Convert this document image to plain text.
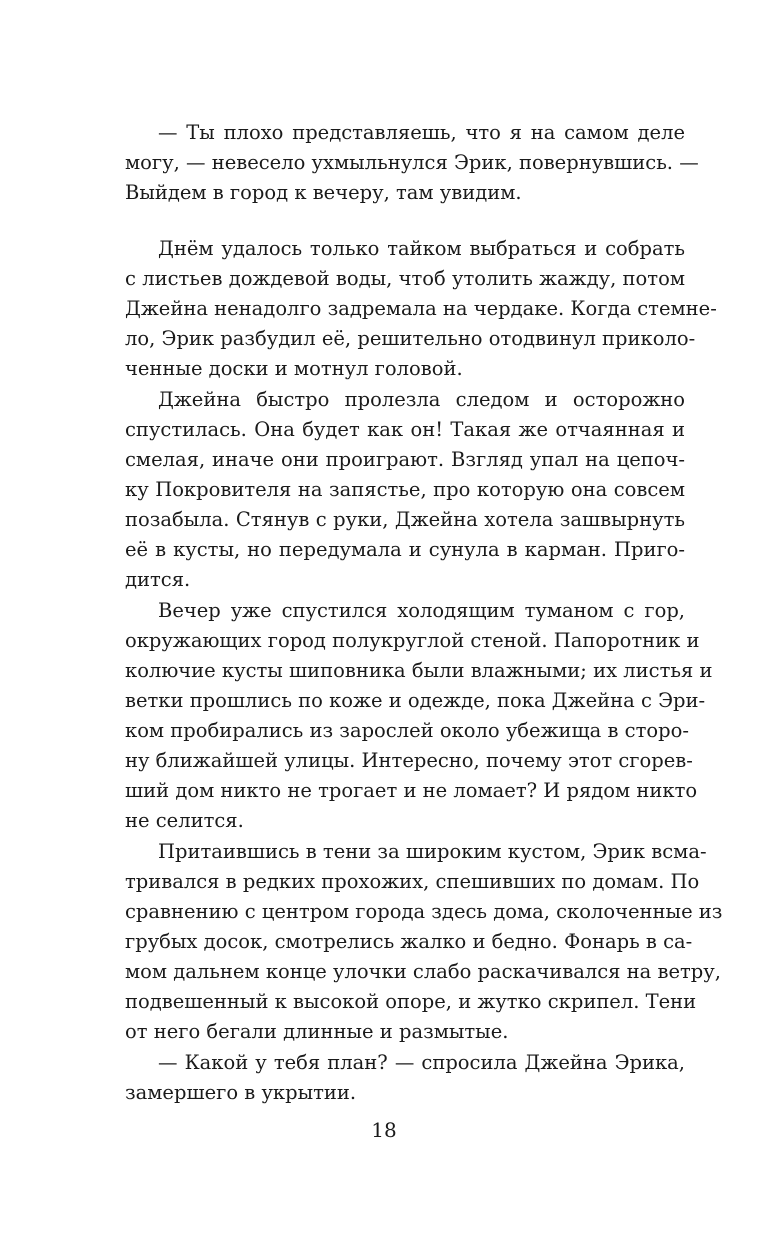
— Ты плохо представляешь, что я на самом деле
могу, — невесело ухмыльнулся Эрик, повернувшись. —
Выйдем в город к вечеру, там увидим.
Днём удалось только тайком выбраться и собрать
с листьев дождевой воды, чтоб утолить жажду, потом
Джейна ненадолго задремала на чердаке. Когда стемне-
ло, Эрик разбудил её, решительно отодвинул приколо-
ченные доски и мотнул головой.
Джейна быстро пролезла следом и осторожно
спустилась. Она будет как он! Такая же отчаянная и
смелая, иначе они проиграют. Взгляд упал на цепоч-
ку Покровителя на запястье, про которую она совсем
позабыла. Стянув с руки, Джейна хотела зашвырнуть
её в кусты, но передумала и сунула в карман. Приго-
дится.
Вечер уже спустился холодящим туманом с гор,
окружающих город полукруглой стеной. Папоротник и
колючие кусты шиповника были влажными; их листья и
ветки прошлись по коже и одежде, пока Джейна с Эри-
ком пробирались из зарослей около убежища в сторо-
ну ближайшей улицы. Интересно, почему этот сгорев-
ший дом никто не трогает и не ломает? И рядом никто
не селится.
Притаившись в тени за широким кустом, Эрик всма-
тривался в редких прохожих, спешивших по домам. По
сравнению с центром города здесь дома, сколоченные из
грубых досок, смотрелись жалко и бедно. Фонарь в са-
мом дальнем конце улочки слабо раскачивался на ветру,
подвешенный к высокой опоре, и жутко скрипел. Тени
от него бегали длинные и размытые.
— Какой у тебя план? — спросила Джейна Эрика,
замершего в укрытии.
18
